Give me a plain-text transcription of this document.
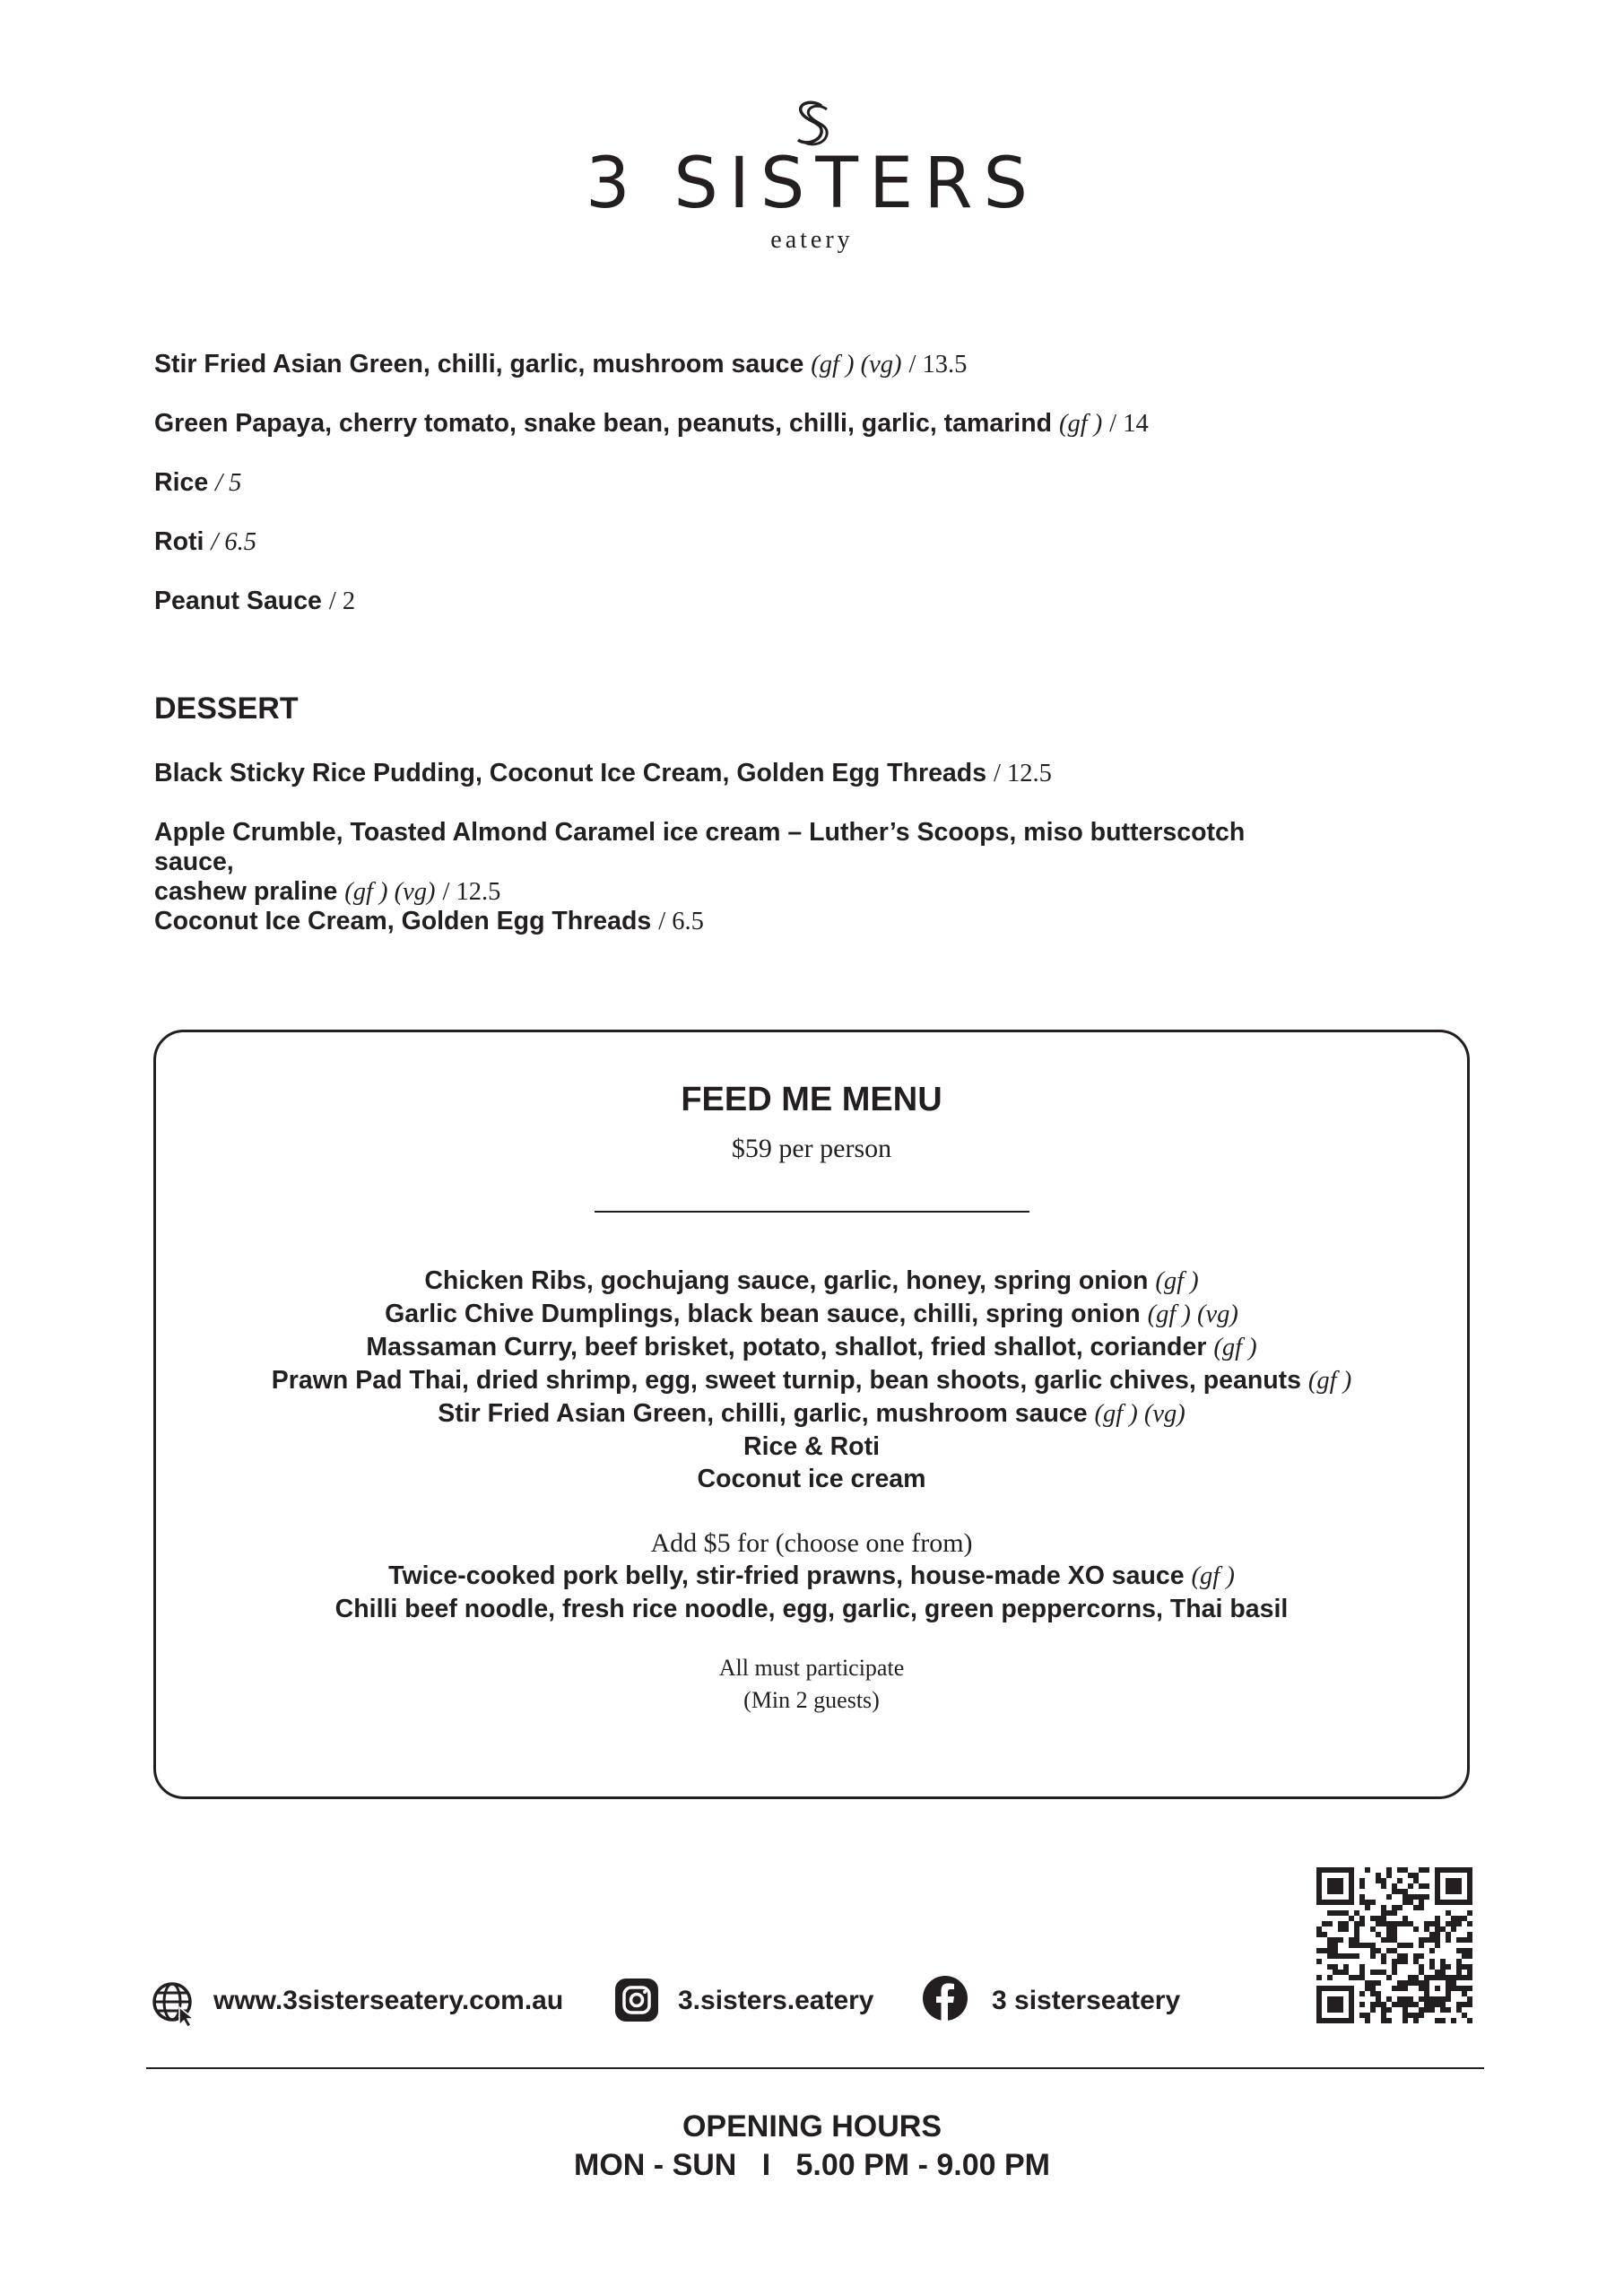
3 SISTERS
eatery
Stir Fried Asian Green, chilli, garlic, mushroom sauce (gf ) (vg) / 13.5
Green Papaya, cherry tomato, snake bean, peanuts, chilli, garlic, tamarind (gf ) / 14
Rice / 5
Roti / 6.5
Peanut Sauce / 2
DESSERT
Black Sticky Rice Pudding, Coconut Ice Cream, Golden Egg Threads / 12.5
Apple Crumble, Toasted Almond Caramel ice cream – Luther’s Scoops, miso butterscotch sauce,
cashew praline (gf ) (vg) / 12.5
Coconut Ice Cream, Golden Egg Threads / 6.5
FEED ME MENU
$59 per person
Chicken Ribs, gochujang sauce, garlic, honey, spring onion (gf )
Garlic Chive Dumplings, black bean sauce, chilli, spring onion (gf ) (vg)
Massaman Curry, beef brisket, potato, shallot, fried shallot, coriander (gf )
Prawn Pad Thai, dried shrimp, egg, sweet turnip, bean shoots, garlic chives, peanuts (gf )
Stir Fried Asian Green, chilli, garlic, mushroom sauce (gf ) (vg)
Rice & Roti
Coconut ice cream
Add $5 for (choose one from)
Twice-cooked pork belly, stir-fried prawns, house-made XO sauce (gf )
Chilli beef noodle, fresh rice noodle, egg, garlic, green peppercorns, Thai basil
All must participate
(Min 2 guests)
www.3sisterseatery.com.au	3.sisters.eatery	3 sisterseatery
OPENING HOURS
MON - SUN I 5.00 PM - 9.00 PM
